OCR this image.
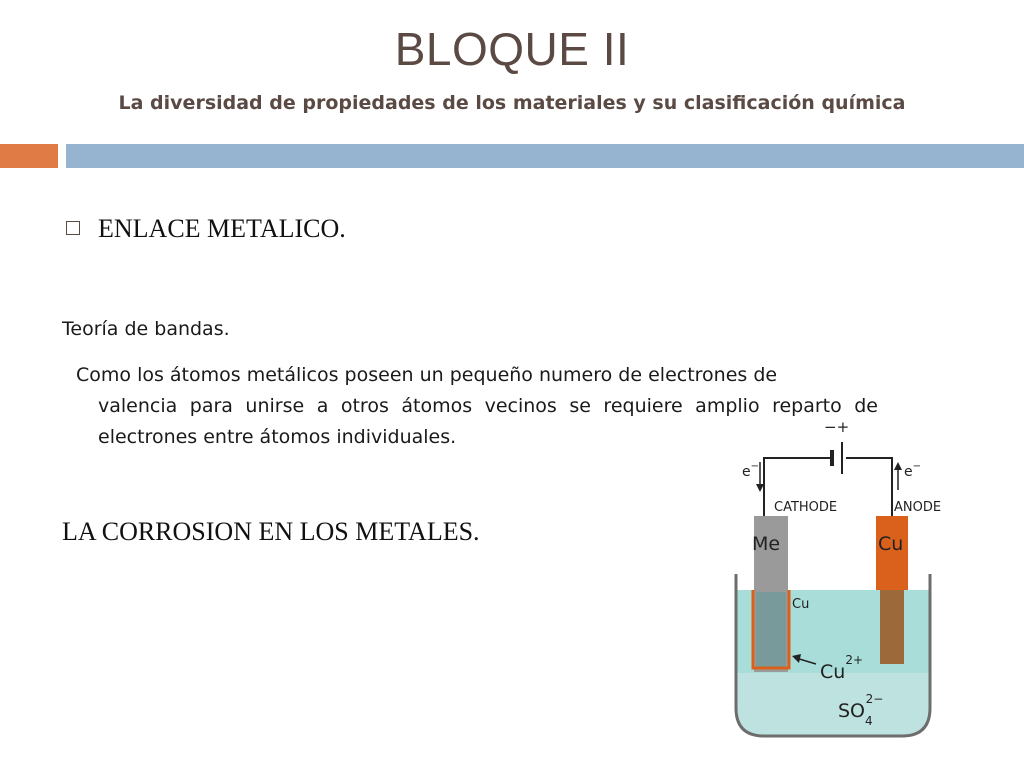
BLOQUE II
La diversidad de propiedades de los materiales y su clasificación química
ENLACE METALICO.
Teoría de bandas.
Como los átomos metálicos poseen un pequeño numero de electrones de
valencia para unirse a otros átomos vecinos se requiere amplio reparto de electrones entre átomos individuales.
LA CORROSION EN LOS METALES.
−+
e−	e−
CATHODE	ANODE
Me	Cu
Cu
$Cu^{2+}$
$SO_42-$
